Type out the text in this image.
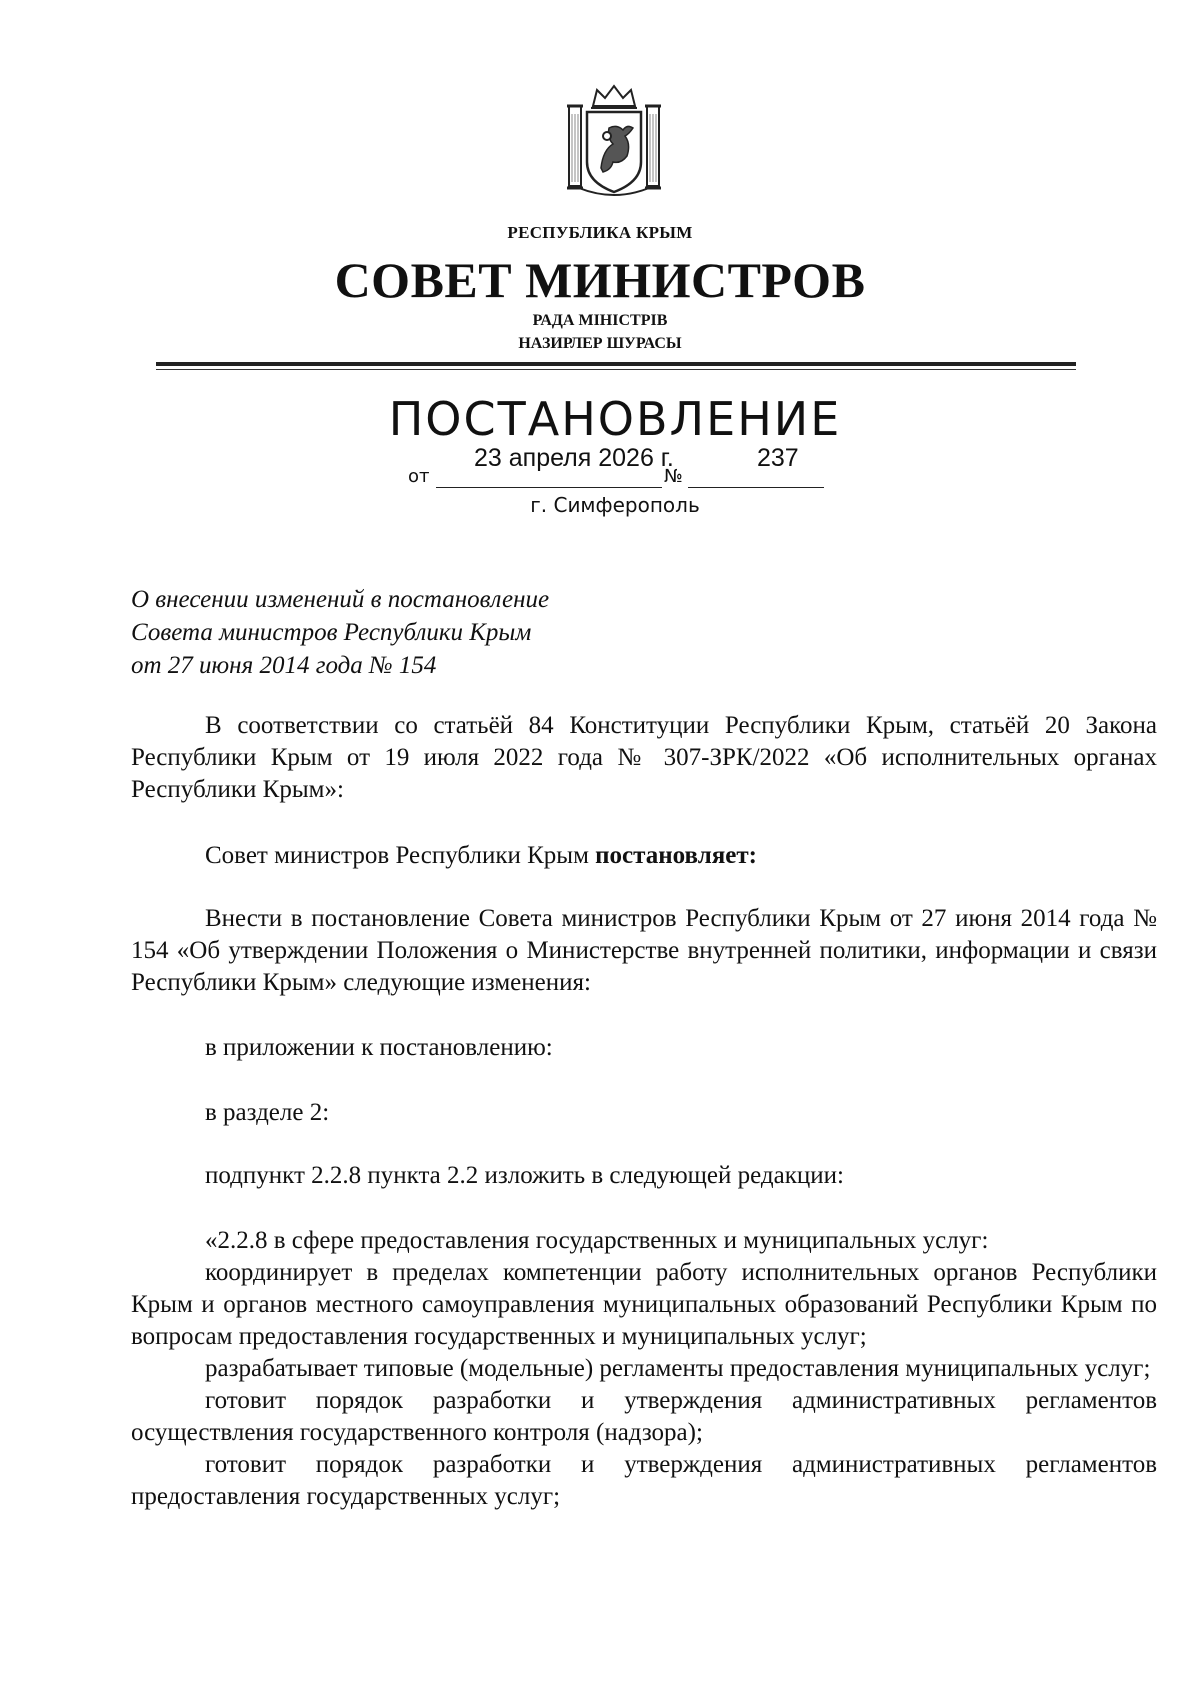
РЕСПУБЛИКА КРЫМ
СОВЕТ МИНИСТРОВ
РАДА МІНІСТРІВ
НАЗИРЛЕР ШУРАСЫ
ПОСТАНОВЛЕНИЕ
23 апреля 2026 г.	237
от	№
г. Симферополь
О внесении изменений в постановление
Совета министров Республики Крым
от 27 июня 2014 года № 154

В соответствии со статьёй 84 Конституции Республики Крым, статьёй 20 Закона Республики Крым от 19 июля 2022 года № 307-ЗРК/2022 «Об исполнительных органах Республики Крым»:

Совет министров Республики Крым постановляет:

Внести в постановление Совета министров Республики Крым от 27 июня 2014 года № 154 «Об утверждении Положения о Министерстве внутренней политики, информации и связи Республики Крым» следующие изменения:

в приложении к постановлению:

в разделе 2:

подпункт 2.2.8 пункта 2.2 изложить в следующей редакции:

«2.2.8 в сфере предоставления государственных и муниципальных услуг:

координирует в пределах компетенции работу исполнительных органов Республики Крым и органов местного самоуправления муниципальных образований Республики Крым по вопросам предоставления государственных и муниципальных услуг;

разрабатывает типовые (модельные) регламенты предоставления муниципальных услуг;

готовит порядок разработки и утверждения административных регламентов осуществления государственного контроля (надзора);

готовит порядок разработки и утверждения административных регламентов предоставления государственных услуг;
